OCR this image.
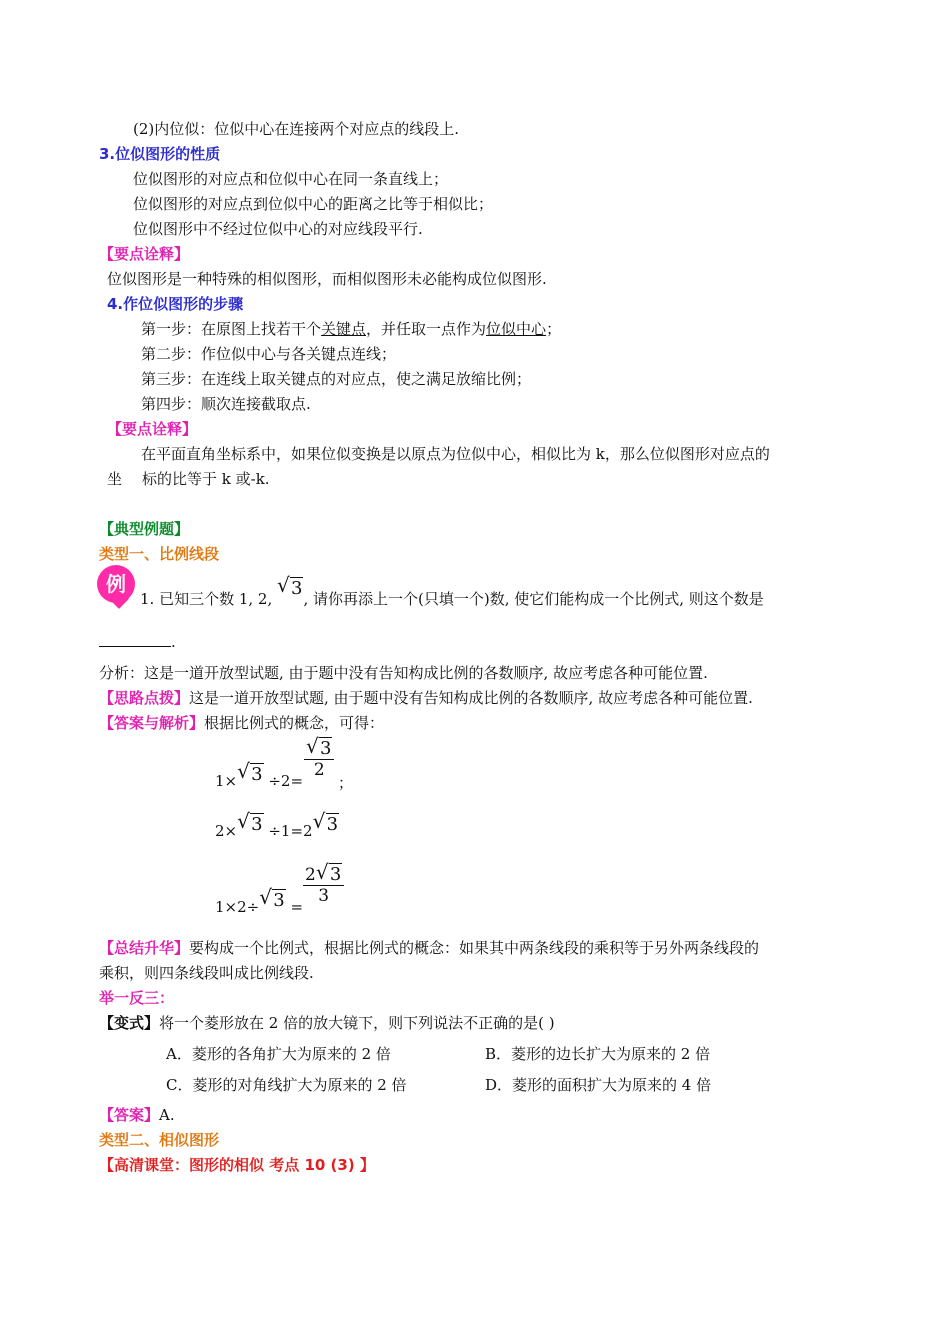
(2)内位似：位似中心在连接两个对应点的线段上.
3.位似图形的性质
位似图形的对应点和位似中心在同一条直线上；
位似图形的对应点到位似中心的距离之比等于相似比；
位似图形中不经过位似中心的对应线段平行.
【要点诠释】
位似图形是一种特殊的相似图形，而相似图形未必能构成位似图形.
4.作位似图形的步骤
第一步：在原图上找若干个关键点，并任取一点作为位似中心；
第二步：作位似中心与各关键点连线；
第三步：在连线上取关键点的对应点，使之满足放缩比例；
第四步：顺次连接截取点.
【要点诠释】
在平面直角坐标系中，如果位似变换是以原点为位似中心，相似比为 k，那么位似图形对应点的
坐 标的比等于 k 或-k.
【典型例题】
类型一、比例线段
例
1. 已知三个数 1, 2,
√ 3, 请你再添上一个(只填一个)数, 使它们能构成一个比例式, 则这个数是
.
分析：这是一道开放型试题, 由于题中没有告知构成比例的各数顺序, 故应考虑各种可能位置.
【思路点拨】这是一道开放型试题, 由于题中没有告知构成比例的各数顺序, 故应考虑各种可能位置.
【答案与解析】根据比例式的概念，可得：
1× √ 3 ÷2=
$\frac{√ 3}{2}$
；
2× √ 3 ÷1=2 √ 3
1×2÷ √ 3 =
$\frac{2 √ 3}{3}$
【总结升华】要构成一个比例式，根据比例式的概念：如果其中两条线段的乘积等于另外两条线段的
乘积，则四条线段叫成比例线段.
举一反三：
【变式】将一个菱形放在 2 倍的放大镜下，则下列说法不正确的是( )
A．菱形的各角扩大为原来的 2 倍	B．菱形的边长扩大为原来的 2 倍
C．菱形的对角线扩大为原来的 2 倍	D．菱形的面积扩大为原来的 4 倍
【答案】A.
类型二、相似图形
【高清课堂：图形的相似 考点 10 (3) 】
